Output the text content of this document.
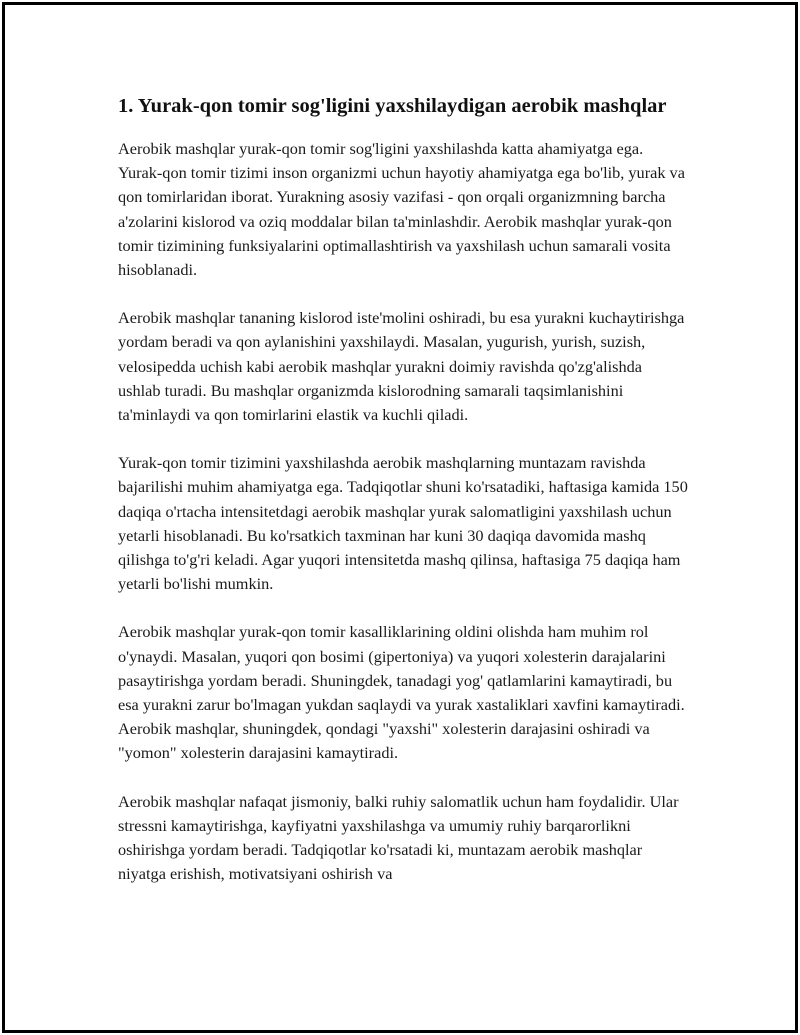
1. Yurak-qon tomir sog'ligini yaxshilaydigan aerobik mashqlar

Aerobik mashqlar yurak-qon tomir sog'ligini yaxshilashda katta ahamiyatga ega. Yurak-qon tomir tizimi inson organizmi uchun hayotiy ahamiyatga ega bo'lib, yurak va qon tomirlaridan iborat. Yurakning asosiy vazifasi - qon orqali organizmning barcha a'zolarini kislorod va oziq moddalar bilan ta'minlashdir. Aerobik mashqlar yurak-qon tomir tizimining funksiyalarini optimallashtirish va yaxshilash uchun samarali vosita hisoblanadi.

Aerobik mashqlar tananing kislorod iste'molini oshiradi, bu esa yurakni kuchaytirishga yordam beradi va qon aylanishini yaxshilaydi. Masalan, yugurish, yurish, suzish, velosipedda uchish kabi aerobik mashqlar yurakni doimiy ravishda qo'zg'alishda ushlab turadi. Bu mashqlar organizmda kislorodning samarali taqsimlanishini ta'minlaydi va qon tomirlarini elastik va kuchli qiladi.

Yurak-qon tomir tizimini yaxshilashda aerobik mashqlarning muntazam ravishda bajarilishi muhim ahamiyatga ega. Tadqiqotlar shuni ko'rsatadiki, haftasiga kamida 150 daqiqa o'rtacha intensitetdagi aerobik mashqlar yurak salomatligini yaxshilash uchun yetarli hisoblanadi. Bu ko'rsatkich taxminan har kuni 30 daqiqa davomida mashq qilishga to'g'ri keladi. Agar yuqori intensitetda mashq qilinsa, haftasiga 75 daqiqa ham yetarli bo'lishi mumkin.

Aerobik mashqlar yurak-qon tomir kasalliklarining oldini olishda ham muhim rol o'ynaydi. Masalan, yuqori qon bosimi (gipertoniya) va yuqori xolesterin darajalarini pasaytirishga yordam beradi. Shuningdek, tanadagi yog' qatlamlarini kamaytiradi, bu esa yurakni zarur bo'lmagan yukdan saqlaydi va yurak xastaliklari xavfini kamaytiradi. Aerobik mashqlar, shuningdek, qondagi "yaxshi" xolesterin darajasini oshiradi va "yomon" xolesterin darajasini kamaytiradi.

Aerobik mashqlar nafaqat jismoniy, balki ruhiy salomatlik uchun ham foydalidir. Ular stressni kamaytirishga, kayfiyatni yaxshilashga va umumiy ruhiy barqarorlikni oshirishga yordam beradi. Tadqiqotlar ko'rsatadi ki, muntazam aerobik mashqlar niyatga erishish, motivatsiyani oshirish va
